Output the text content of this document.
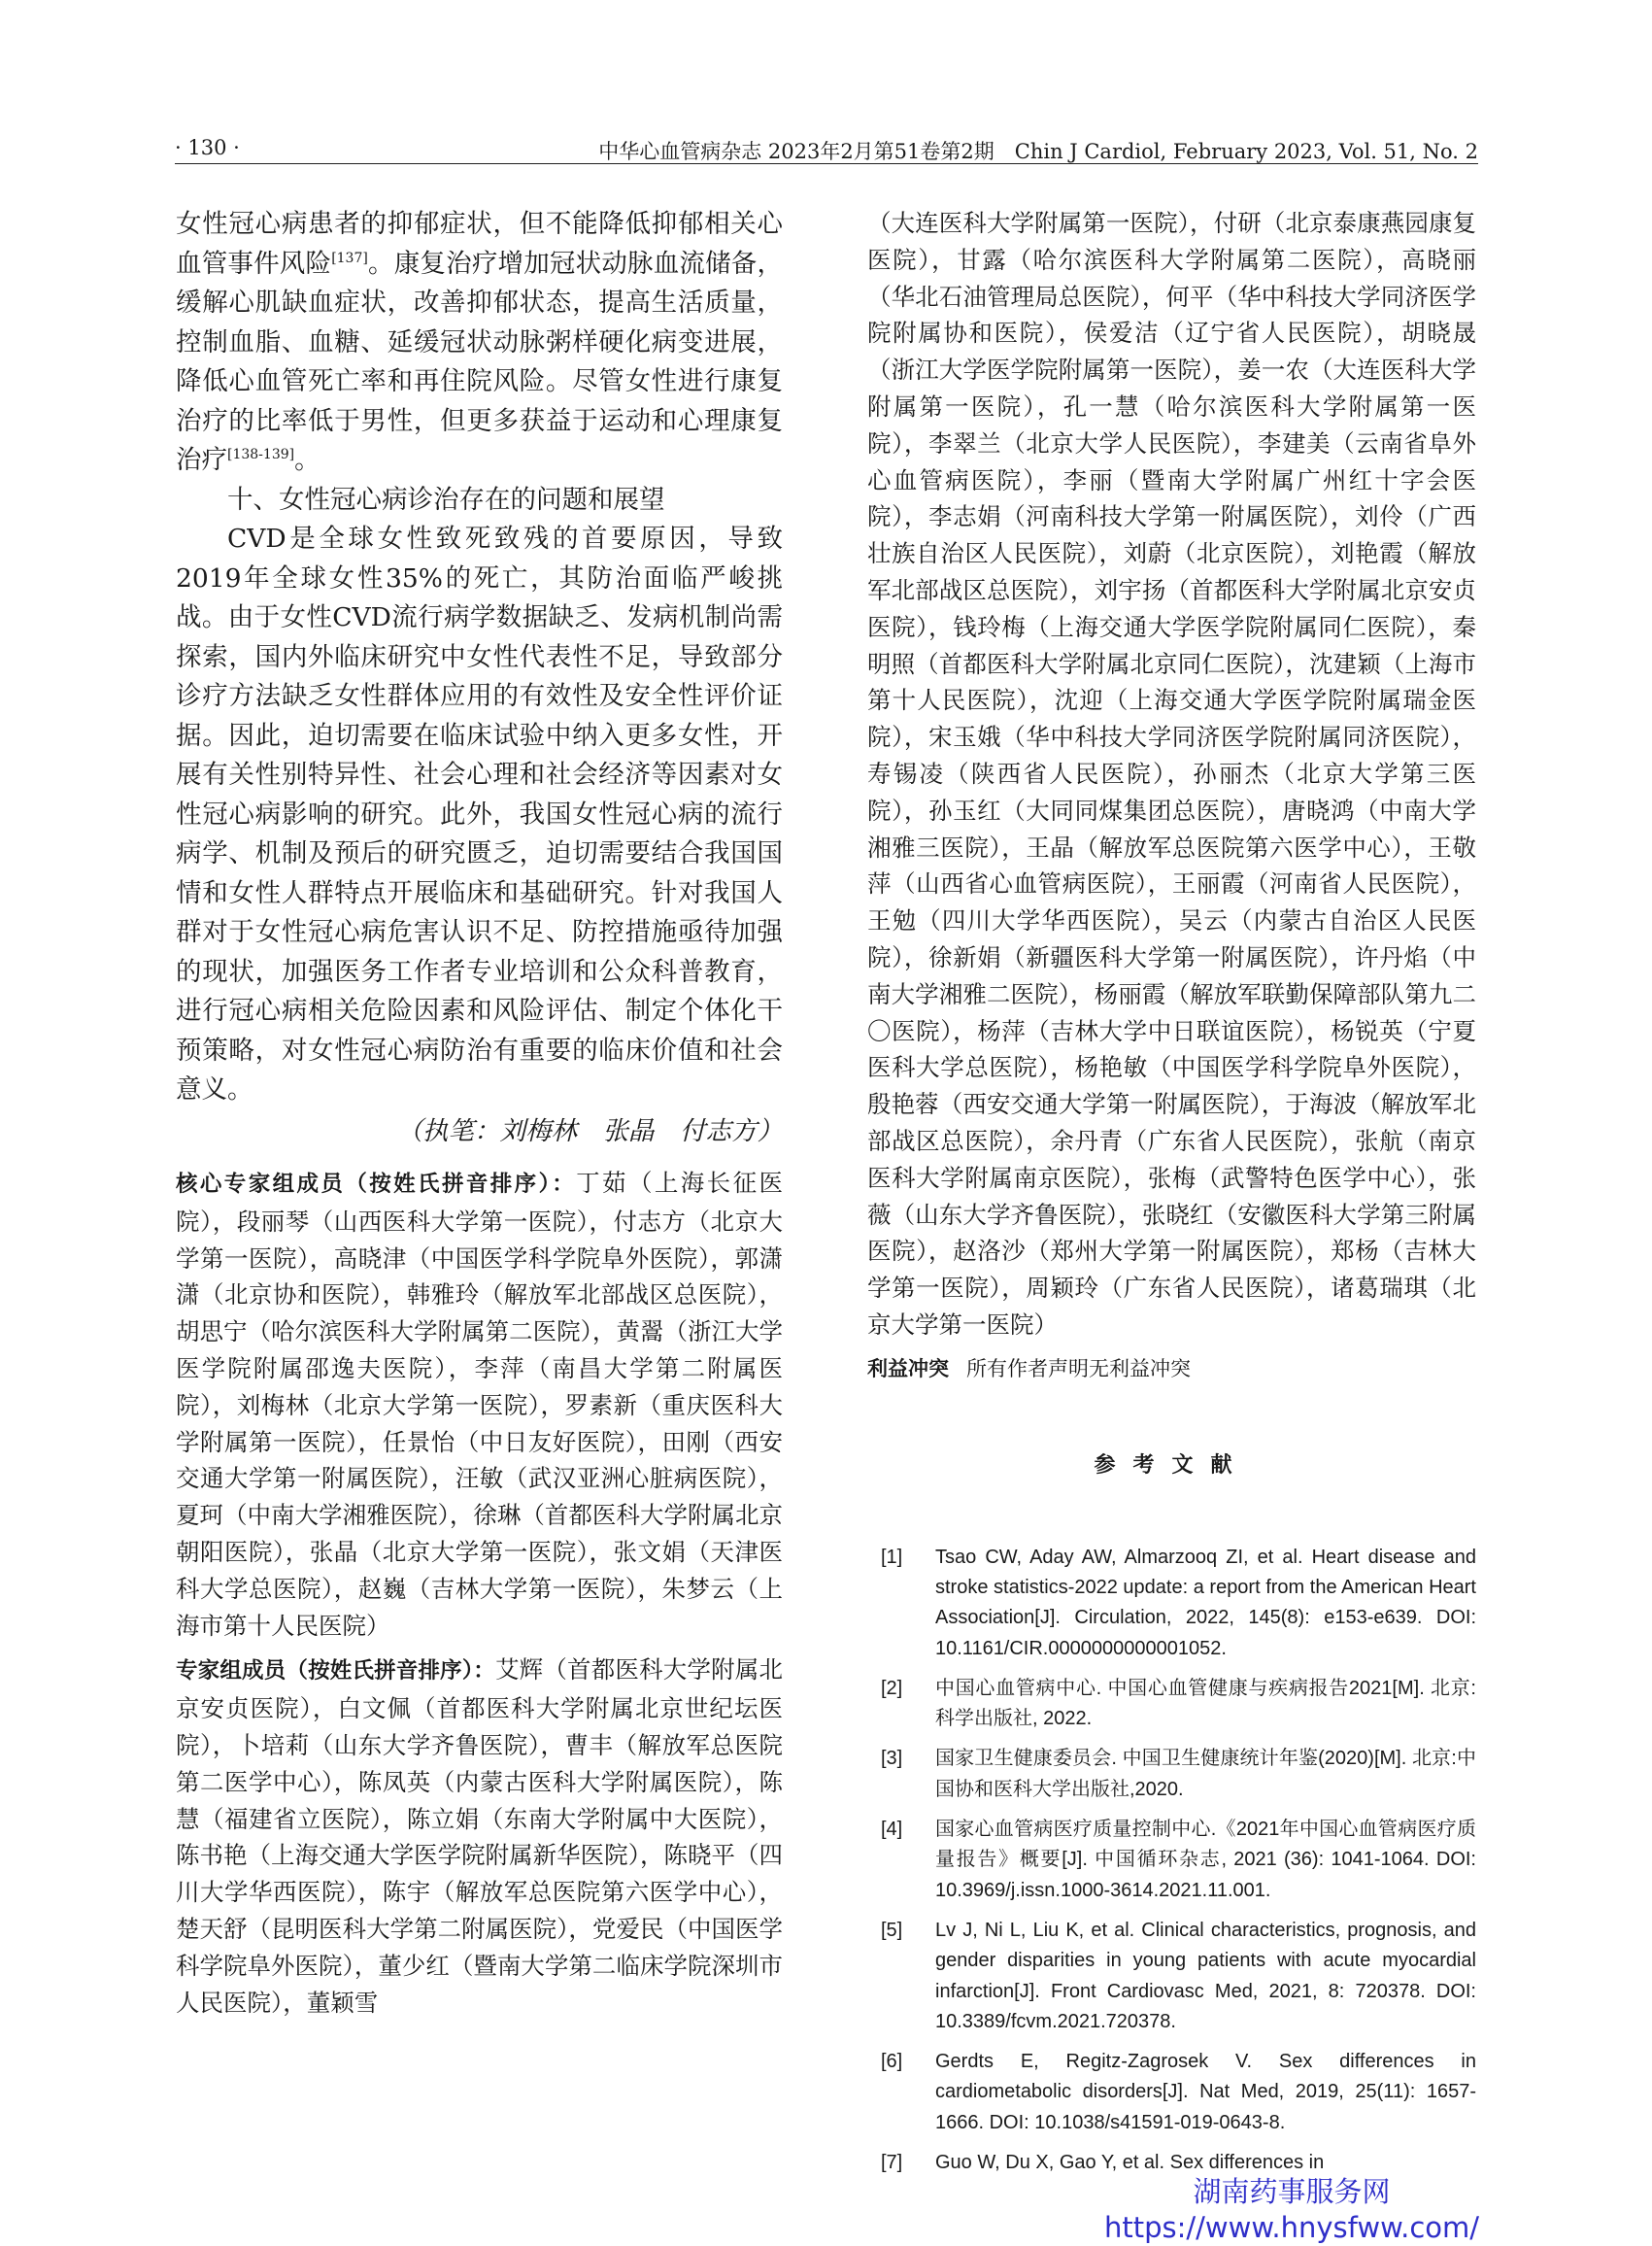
· 130 ·	中华心血管病杂志 2023年2月第51卷第2期　Chin J Cardiol, February 2023, Vol. 51, No. 2

女性冠心病患者的抑郁症状，但不能降低抑郁相关心血管事件风险[137]。康复治疗增加冠状动脉血流储备，缓解心肌缺血症状，改善抑郁状态，提高生活质量，控制血脂、血糖、延缓冠状动脉粥样硬化病变进展，降低心血管死亡率和再住院风险。尽管女性进行康复治疗的比率低于男性，但更多获益于运动和心理康复治疗[138-139]。

十、女性冠心病诊治存在的问题和展望

CVD是全球女性致死致残的首要原因，导致2019年全球女性35%的死亡，其防治面临严峻挑战。由于女性CVD流行病学数据缺乏、发病机制尚需探索，国内外临床研究中女性代表性不足，导致部分诊疗方法缺乏女性群体应用的有效性及安全性评价证据。因此，迫切需要在临床试验中纳入更多女性，开展有关性别特异性、社会心理和社会经济等因素对女性冠心病影响的研究。此外，我国女性冠心病的流行病学、机制及预后的研究匮乏，迫切需要结合我国国情和女性人群特点开展临床和基础研究。针对我国人群对于女性冠心病危害认识不足、防控措施亟待加强的现状，加强医务工作者专业培训和公众科普教育，进行冠心病相关危险因素和风险评估、制定个体化干预策略，对女性冠心病防治有重要的临床价值和社会意义。

（执笔：刘梅林　张晶　付志方）

核心专家组成员（按姓氏拼音排序）：丁茹（上海长征医院），段丽琴（山西医科大学第一医院），付志方（北京大学第一医院），高晓津（中国医学科学院阜外医院），郭潇潇（北京协和医院），韩雅玲（解放军北部战区总医院），胡思宁（哈尔滨医科大学附属第二医院），黄翯（浙江大学医学院附属邵逸夫医院），李萍（南昌大学第二附属医院），刘梅林（北京大学第一医院），罗素新（重庆医科大学附属第一医院），任景怡（中日友好医院），田刚（西安交通大学第一附属医院），汪敏（武汉亚洲心脏病医院），夏珂（中南大学湘雅医院），徐琳（首都医科大学附属北京朝阳医院），张晶（北京大学第一医院），张文娟（天津医科大学总医院），赵巍（吉林大学第一医院），朱梦云（上海市第十人民医院）

专家组成员（按姓氏拼音排序）：艾辉（首都医科大学附属北京安贞医院），白文佩（首都医科大学附属北京世纪坛医院），卜培莉（山东大学齐鲁医院），曹丰（解放军总医院第二医学中心），陈凤英（内蒙古医科大学附属医院），陈慧（福建省立医院），陈立娟（东南大学附属中大医院），陈书艳（上海交通大学医学院附属新华医院），陈晓平（四川大学华西医院），陈宇（解放军总医院第六医学中心），楚天舒（昆明医科大学第二附属医院），党爱民（中国医学科学院阜外医院），董少红（暨南大学第二临床学院深圳市人民医院），董颖雪

（大连医科大学附属第一医院），付研（北京泰康燕园康复医院），甘露（哈尔滨医科大学附属第二医院），高晓丽（华北石油管理局总医院），何平（华中科技大学同济医学院附属协和医院），侯爱洁（辽宁省人民医院），胡晓晟（浙江大学医学院附属第一医院），姜一农（大连医科大学附属第一医院），孔一慧（哈尔滨医科大学附属第一医院），李翠兰（北京大学人民医院），李建美（云南省阜外心血管病医院），李丽（暨南大学附属广州红十字会医院），李志娟（河南科技大学第一附属医院），刘伶（广西壮族自治区人民医院），刘蔚（北京医院），刘艳霞（解放军北部战区总医院），刘宇扬（首都医科大学附属北京安贞医院），钱玲梅（上海交通大学医学院附属同仁医院），秦明照（首都医科大学附属北京同仁医院），沈建颖（上海市第十人民医院），沈迎（上海交通大学医学院附属瑞金医院），宋玉娥（华中科技大学同济医学院附属同济医院），寿锡凌（陕西省人民医院），孙丽杰（北京大学第三医院），孙玉红（大同同煤集团总医院），唐晓鸿（中南大学湘雅三医院），王晶（解放军总医院第六医学中心），王敬萍（山西省心血管病医院），王丽霞（河南省人民医院），王勉（四川大学华西医院），吴云（内蒙古自治区人民医院），徐新娟（新疆医科大学第一附属医院），许丹焰（中南大学湘雅二医院），杨丽霞（解放军联勤保障部队第九二〇医院），杨萍（吉林大学中日联谊医院），杨锐英（宁夏医科大学总医院），杨艳敏（中国医学科学院阜外医院），殷艳蓉（西安交通大学第一附属医院），于海波（解放军北部战区总医院），余丹青（广东省人民医院），张航（南京医科大学附属南京医院），张梅（武警特色医学中心），张薇（山东大学齐鲁医院），张晓红（安徽医科大学第三附属医院），赵洛沙（郑州大学第一附属医院），郑杨（吉林大学第一医院），周颖玲（广东省人民医院），诸葛瑞琪（北京大学第一医院）

利益冲突 所有作者声明无利益冲突
参考文献
[1]	Tsao CW, Aday AW, Almarzooq ZI, et al. Heart disease and stroke statistics-2022 update: a report from the American Heart Association[J]. Circulation, 2022, 145(8): e153-e639. DOI: 10.1161/CIR.0000000000001052.
[2]	中国心血管病中心. 中国心血管健康与疾病报告2021[M]. 北京:科学出版社, 2022.
[3]	国家卫生健康委员会. 中国卫生健康统计年鉴(2020)[M]. 北京:中国协和医科大学出版社,2020.
[4]	国家心血管病医疗质量控制中心.《2021年中国心血管病医疗质量报告》概要[J]. 中国循环杂志, 2021 (36): 1041-1064. DOI: 10.3969/j.issn.1000-3614.2021.11.001.
[5]	Lv J, Ni L, Liu K, et al. Clinical characteristics, prognosis, and gender disparities in young patients with acute myocardial infarction[J]. Front Cardiovasc Med, 2021, 8: 720378. DOI: 10.3389/fcvm.2021.720378.
[6]	Gerdts E, Regitz-Zagrosek V. Sex differences in cardiometabolic disorders[J]. Nat Med, 2019, 25(11): 1657-1666. DOI: 10.1038/s41591-019-0643-8.
[7]	Guo W, Du X, Gao Y, et al. Sex differences in
湖南药事服务网
https://www.hnysfww.com/
